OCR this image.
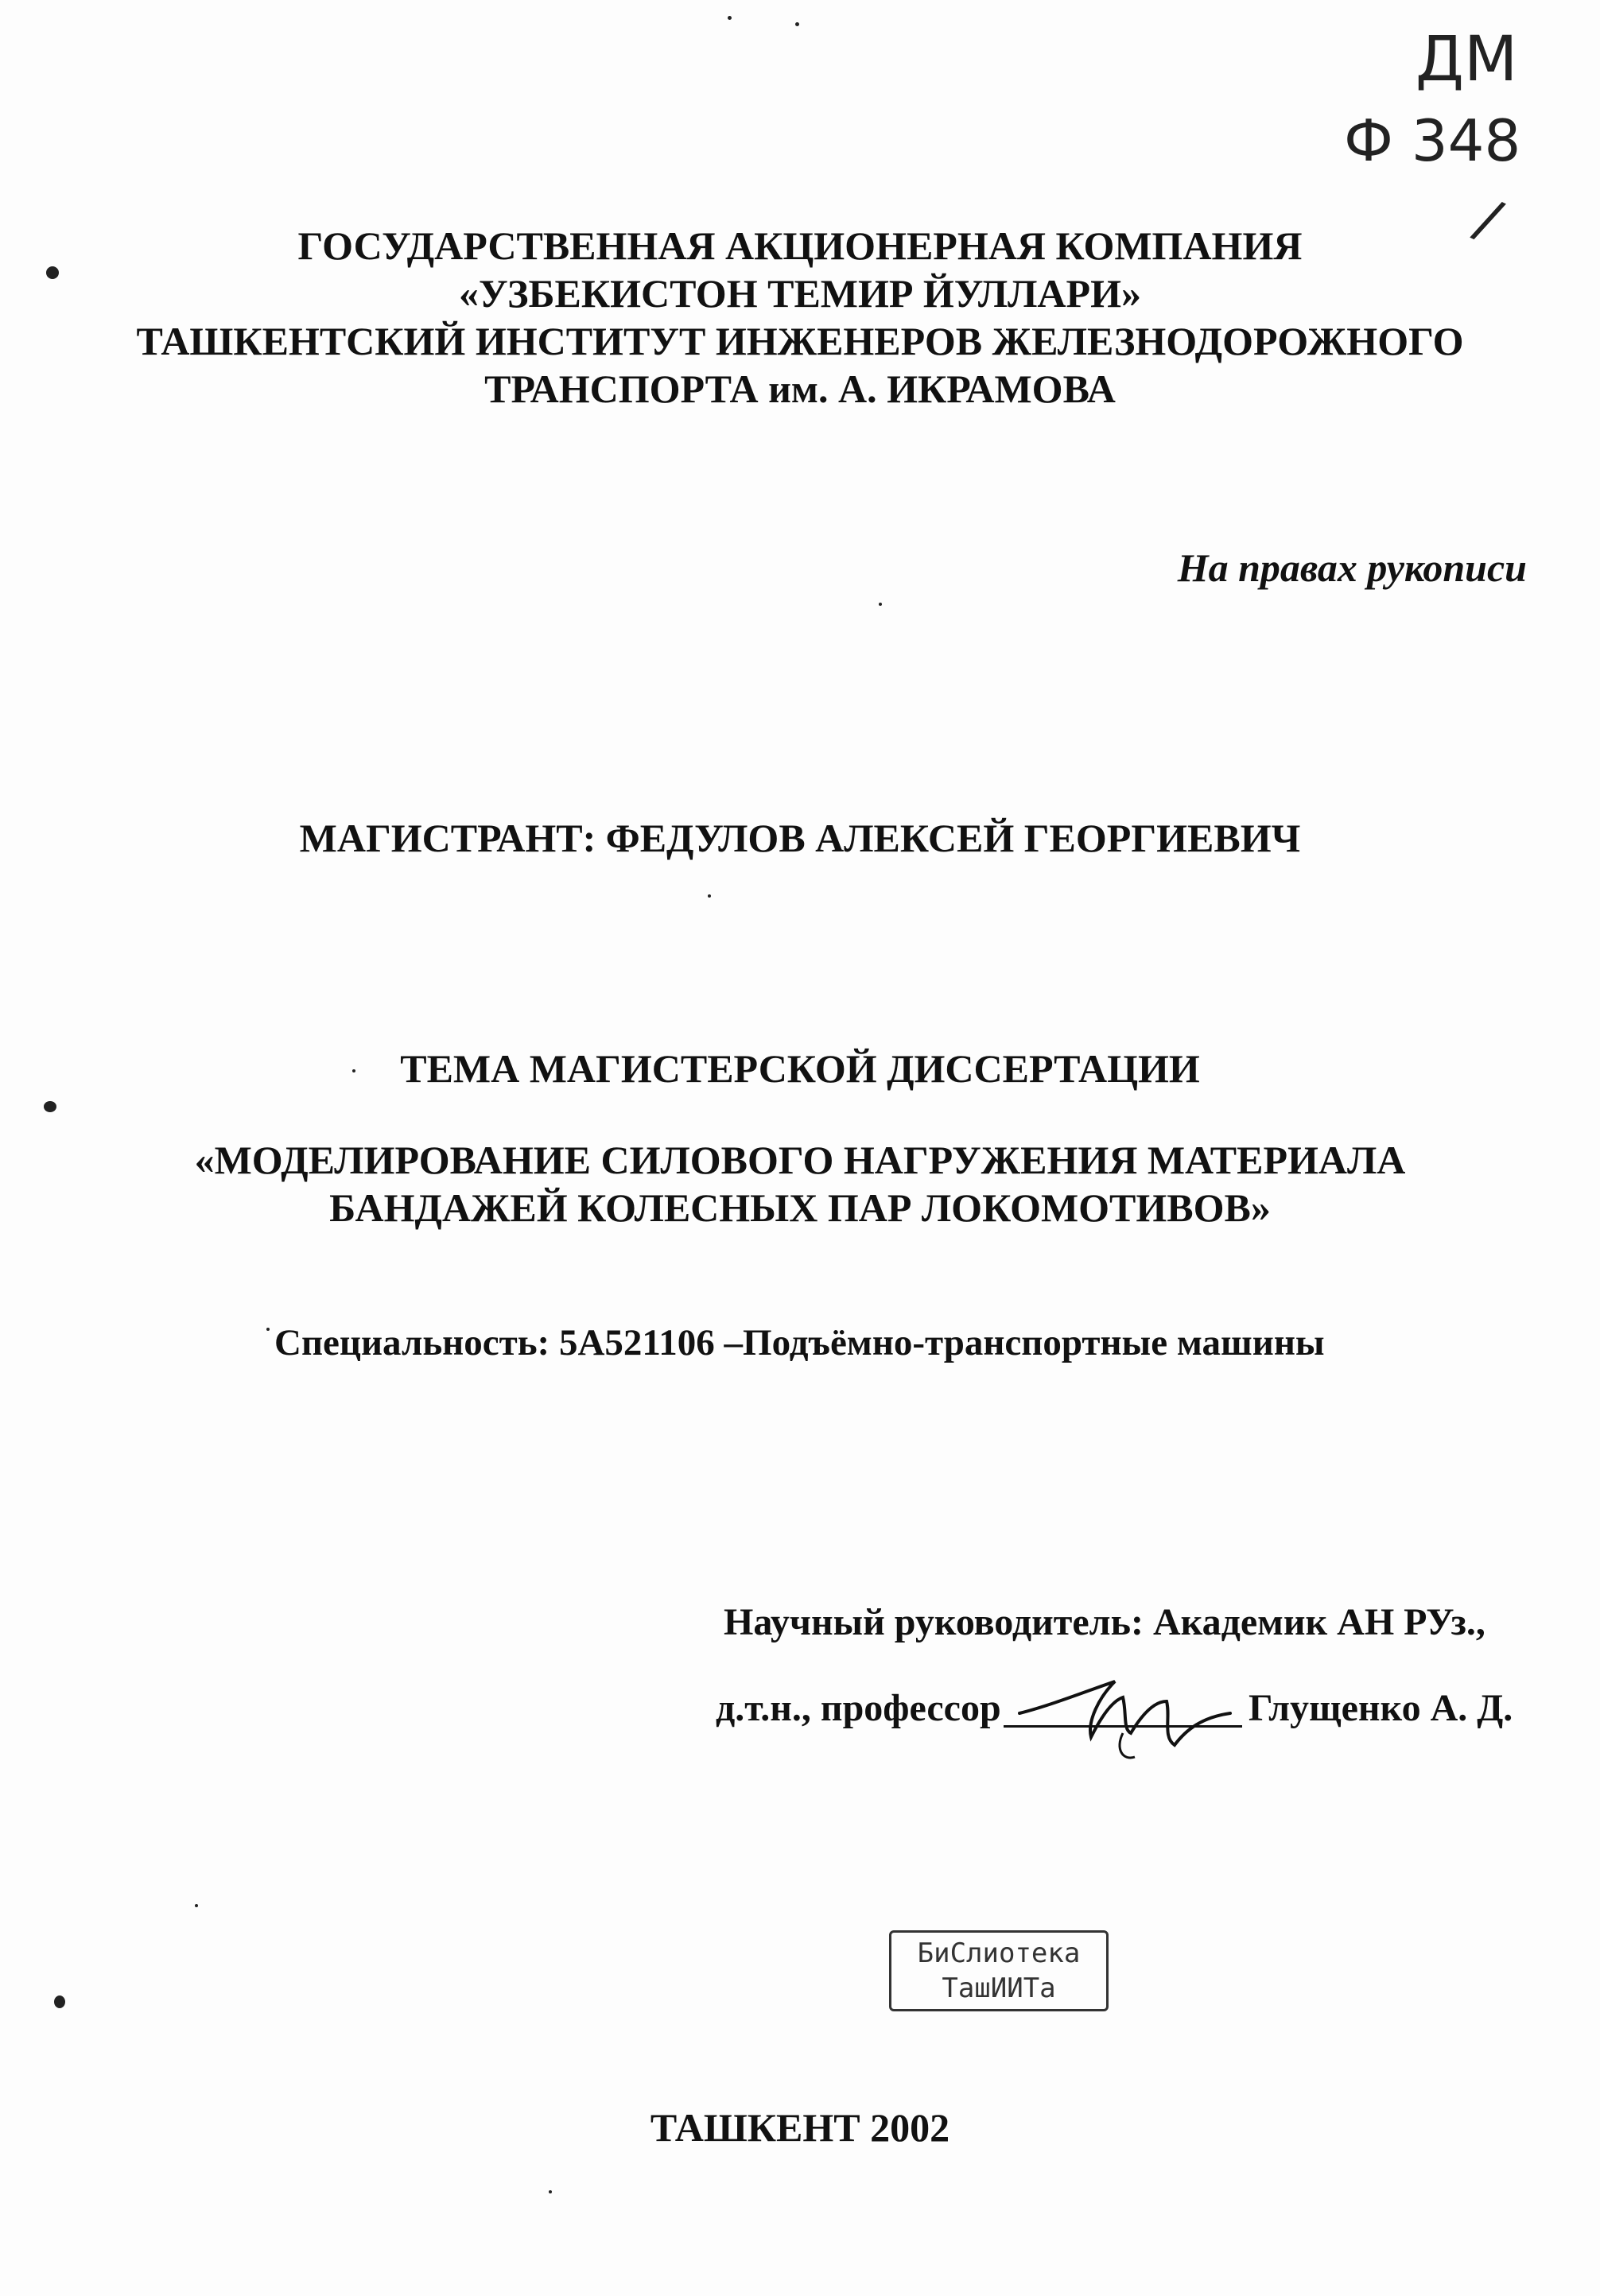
ДМ
Ф 348
/
ГОСУДАРСТВЕННАЯ АКЦИОНЕРНАЯ КОМПАНИЯ
«УЗБЕКИСТОН ТЕМИР ЙУЛЛАРИ»
ТАШКЕНТСКИЙ ИНСТИТУТ ИНЖЕНЕРОВ ЖЕЛЕЗНОДОРОЖНОГО
ТРАНСПОРТА им. А. ИКРАМОВА
На правах рукописи
МАГИСТРАНТ: ФЕДУЛОВ АЛЕКСЕЙ ГЕОРГИЕВИЧ
ТЕМА МАГИСТЕРСКОЙ ДИССЕРТАЦИИ
«МОДЕЛИРОВАНИЕ СИЛОВОГО НАГРУЖЕНИЯ МАТЕРИАЛА
БАНДАЖЕЙ КОЛЕСНЫХ ПАР ЛОКОМОТИВОВ»
Специальность: 5А521106 –Подъёмно-транспортные машины
Научный руководитель: Академик АН РУз.,
д.т.н., профессор	Глущенко А. Д.
БиСлиотека
ТашИИТа
ТАШКЕНТ 2002
